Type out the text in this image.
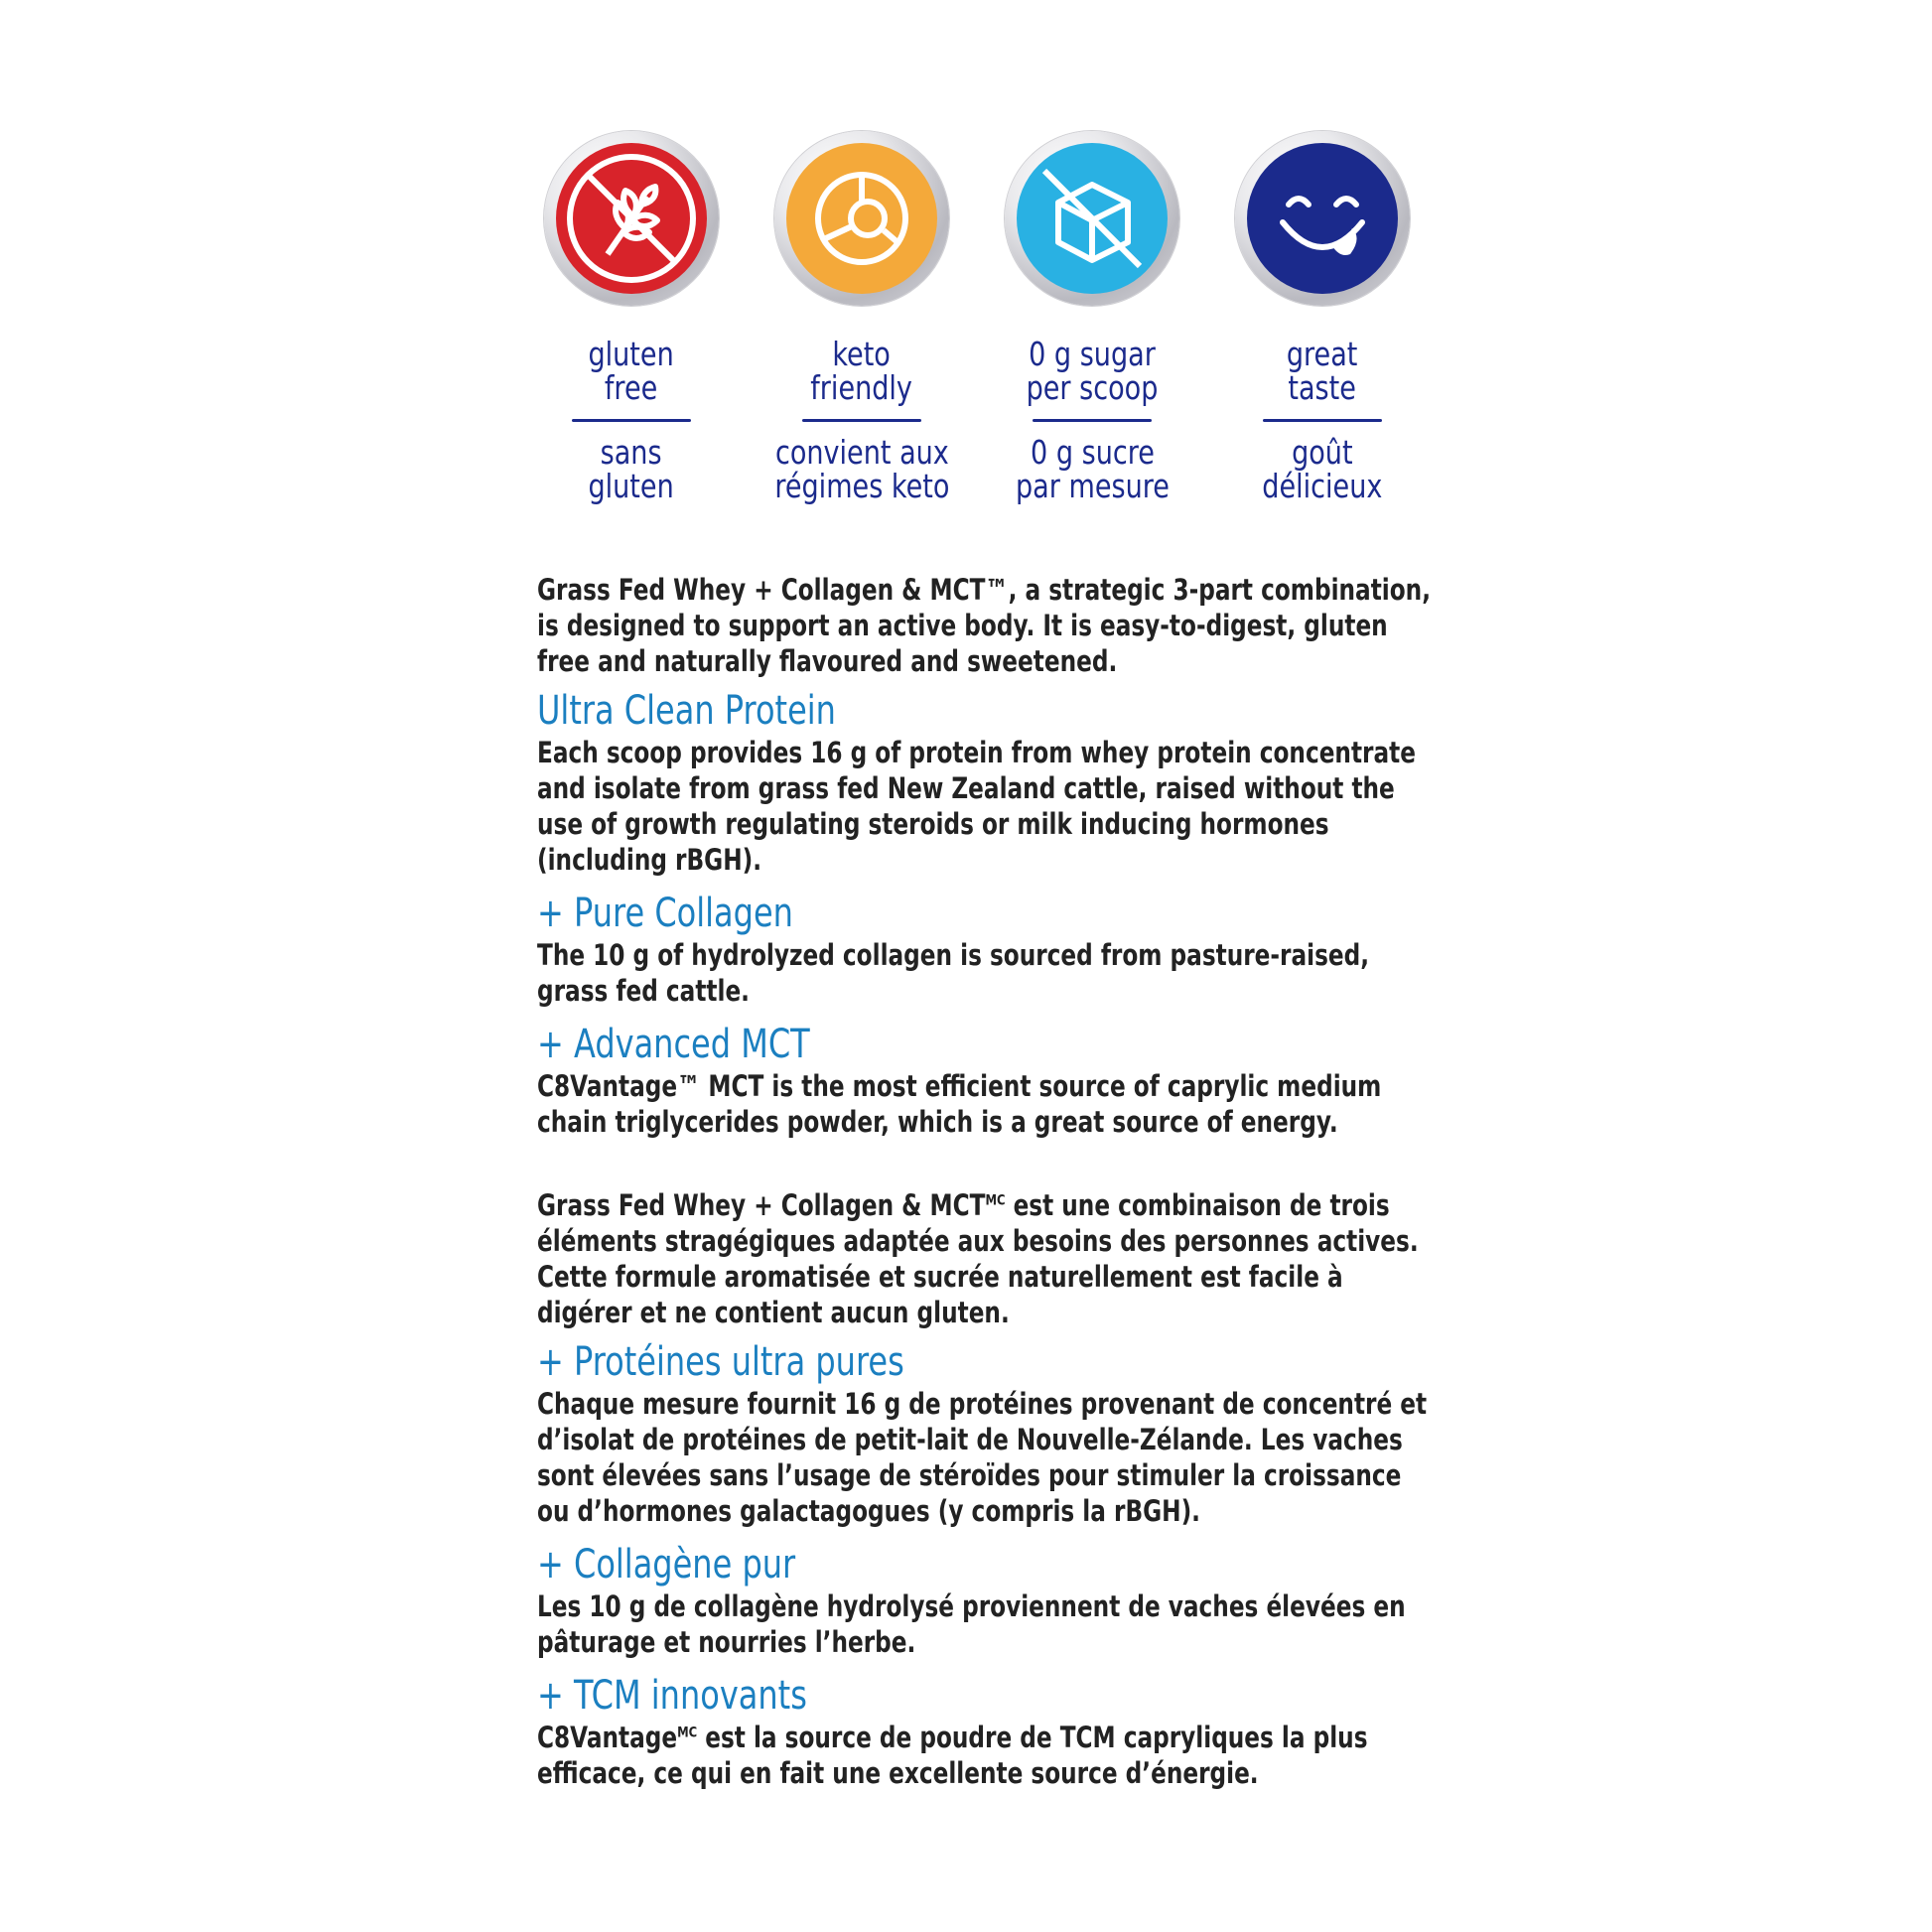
gluten
free
sans
gluten
keto
friendly
convient aux
régimes keto
0 g sugar
per scoop
0 g sucre
par mesure
great
taste
goût
délicieux

Grass Fed Whey + Collagen & MCT™, a strategic 3-part combination, is designed to support an active body. It is easy-to-digest, gluten free and naturally flavoured and sweetened.

Ultra Clean Protein

Each scoop provides 16 g of protein from whey protein concentrate and isolate from grass fed New Zealand cattle, raised without the use of growth regulating steroids or milk inducing hormones (including rBGH).

+ Pure Collagen

The 10 g of hydrolyzed collagen is sourced from pasture-raised, grass fed cattle.

+ Advanced MCT

C8Vantage™ MCT is the most efficient source of caprylic medium chain triglycerides powder, which is a great source of energy.

Grass Fed Whey + Collagen & $MCT^{MC}$ est une combinaison de trois éléments stragégiques adaptée aux besoins des personnes actives. Cette formule aromatisée et sucrée naturellement est facile à digérer et ne contient aucun gluten.

+ Protéines ultra pures

Chaque mesure fournit 16 g de protéines provenant de concentré et d’isolat de protéines de petit-lait de Nouvelle-Zélande. Les vaches sont élevées sans l’usage de stéroïdes pour stimuler la croissance ou d’hormones galactagogues (y compris la rBGH).

+ Collagène pur

Les 10 g de collagène hydrolysé proviennent de vaches élevées en pâturage et nourries l’herbe.

+ TCM innovants

C8Vantage$^{MC}$ est la source de poudre de TCM capryliques la plus efficace, ce qui en fait une excellente source d’énergie.
